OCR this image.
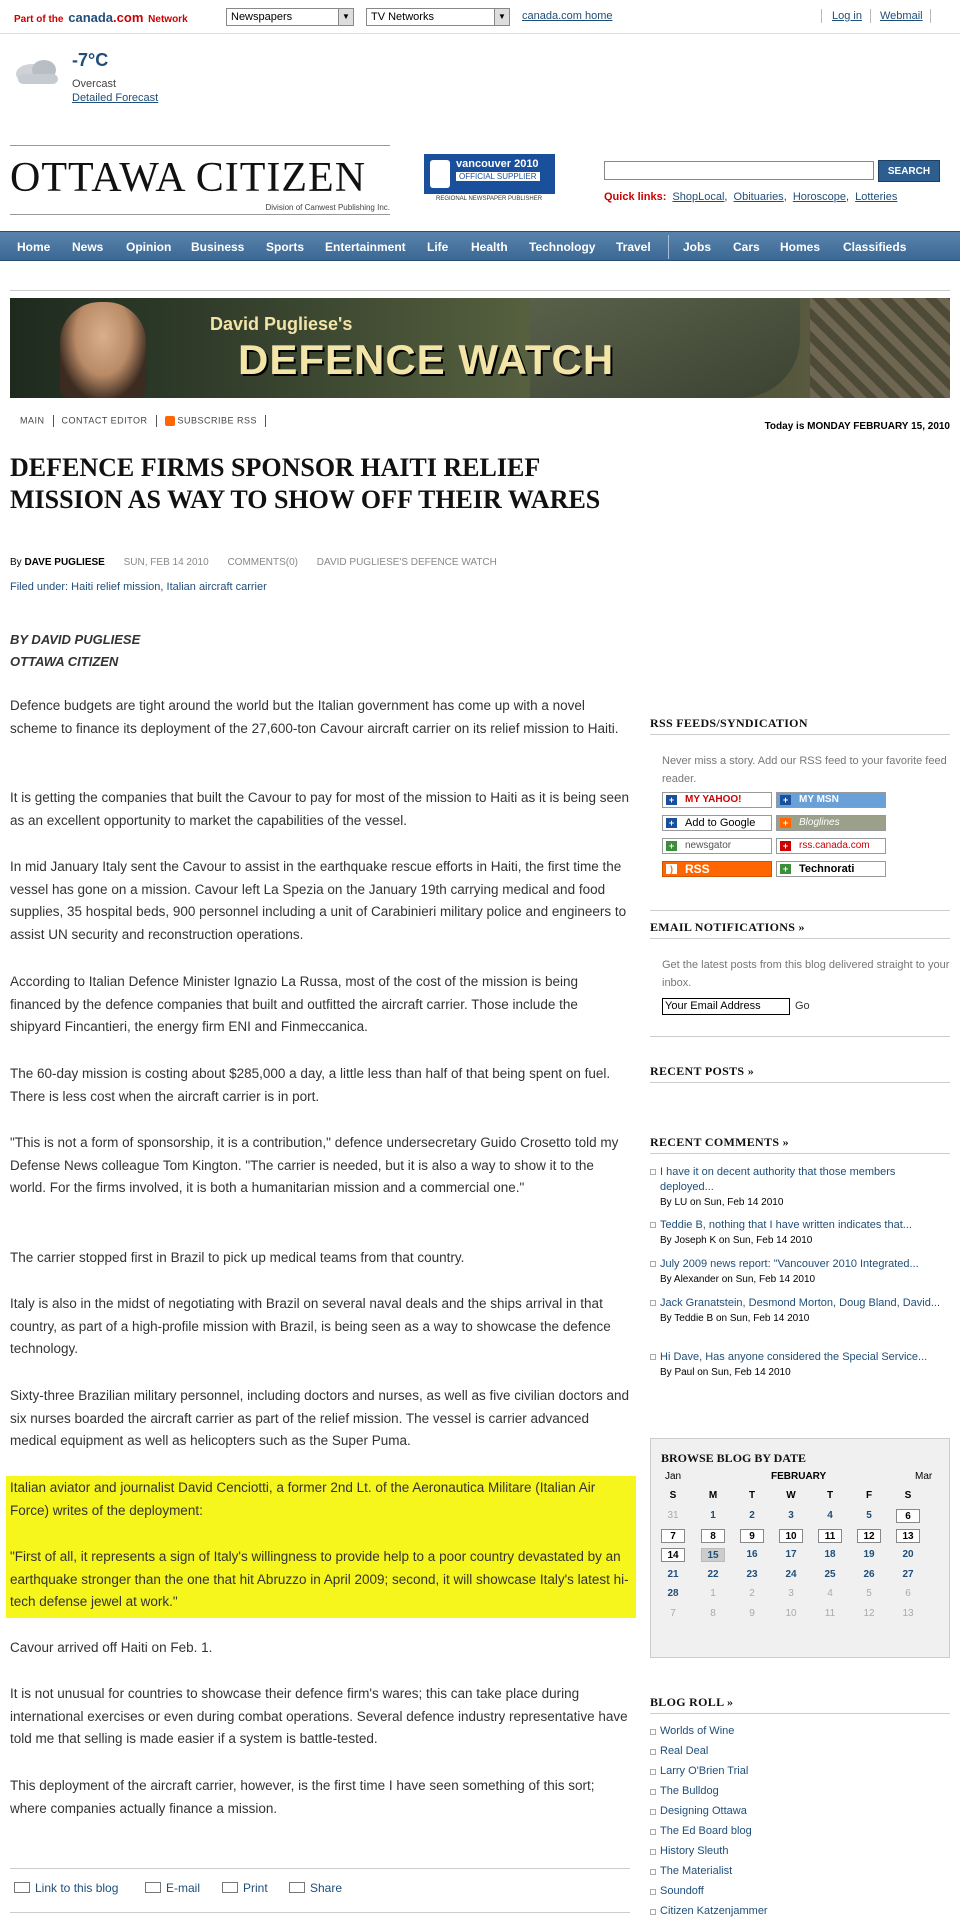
Part of the canada.com Network	Newspapers	▼	TV Networks	▼ canada.com home	Log in Webmail
-7°C
Overcast
Detailed Forecast
OTTAWA CITIZEN
Division of Canwest Publishing Inc.
vancouver 2010
OFFICIAL SUPPLIER
REGIONAL NEWSPAPER PUBLISHER
SEARCH
Quick links: ShopLocal, Obituaries, Horoscope, Lotteries
Home News Opinion Business Sports Entertainment Life Health Technology Travel	Jobs Cars Homes Classifieds
David Pugliese's
DEFENCE WATCH
MAIN CONTACT EDITOR	SUBSCRIBE RSS
Today is MONDAY FEBRUARY 15, 2010
DEFENCE FIRMS SPONSOR HAITI RELIEF MISSION AS WAY TO SHOW OFF THEIR WARES
By DAVE PUGLIESE SUN, FEB 14 2010 COMMENTS(0) DAVID PUGLIESE'S DEFENCE WATCH
Filed under: Haiti relief mission, Italian aircraft carrier
BY DAVID PUGLIESE
OTTAWA CITIZEN

Defence budgets are tight around the world but the Italian government has come up with a novel scheme to finance its deployment of the 27,600-ton Cavour aircraft carrier on its relief mission to Haiti.

It is getting the companies that built the Cavour to pay for most of the mission to Haiti as it is being seen as an excellent opportunity to market the capabilities of the vessel.

In mid January Italy sent the Cavour to assist in the earthquake rescue efforts in Haiti, the first time the vessel has gone on a mission. Cavour left La Spezia on the January 19th carrying medical and food supplies, 35 hospital beds, 900 personnel including a unit of Carabinieri military police and engineers to assist UN security and reconstruction operations.

According to Italian Defence Minister Ignazio La Russa, most of the cost of the mission is being financed by the defence companies that built and outfitted the aircraft carrier. Those include the shipyard Fincantieri, the energy firm ENI and Finmeccanica.

The 60-day mission is costing about $285,000 a day, a little less than half of that being spent on fuel. There is less cost when the aircraft carrier is in port.

"This is not a form of sponsorship, it is a contribution," defence undersecretary Guido Crosetto told my Defense News colleague Tom Kington. "The carrier is needed, but it is also a way to show it to the world. For the firms involved, it is both a humanitarian mission and a commercial one."

The carrier stopped first in Brazil to pick up medical teams from that country.

Italy is also in the midst of negotiating with Brazil on several naval deals and the ships arrival in that country, as part of a high-profile mission with Brazil, is being seen as a way to showcase the defence technology.

Sixty-three Brazilian military personnel, including doctors and nurses, as well as five civilian doctors and six nurses boarded the aircraft carrier as part of the relief mission. The vessel is carrier advanced medical equipment as well as helicopters such as the Super Puma.

Italian aviator and journalist David Cenciotti, a former 2nd Lt. of the Aeronautica Militare (Italian Air Force) writes of the deployment:

"First of all, it represents a sign of Italy's willingness to provide help to a poor country devastated by an earthquake stronger than the one that hit Abruzzo in April 2009; second, it will showcase Italy's latest hi-tech defense jewel at work."

Cavour arrived off Haiti on Feb. 1.

It is not unusual for countries to showcase their defence firm's wares; this can take place during international exercises or even during combat operations. Several defence industry representative have told me that selling is made easier if a system is battle-tested.

This deployment of the aircraft carrier, however, is the first time I have seen something of this sort; where companies actually finance a mission.

Link to this blog	E-mail	Print	Share
RSS FEEDS/SYNDICATION
Never miss a story. Add our RSS feed to your favorite feed reader.
+ MY YAHOO!	+ MY MSN
+ Add to Google	+ Bloglines
+ newsgator	+ rss.canada.com
)	RSS	+ Technorati
EMAIL NOTIFICATIONS »
Get the latest posts from this blog delivered straight to your inbox.
Your Email Address	Go
RECENT POSTS »
RECENT COMMENTS »
I have it on decent authority that those members deployed...
By LU on Sun, Feb 14 2010
Teddie B, nothing that I have written indicates that...
By Joseph K on Sun, Feb 14 2010
July 2009 news report: "Vancouver 2010 Integrated...
By Alexander on Sun, Feb 14 2010
Jack Granatstein, Desmond Morton, Doug Bland, David...
By Teddie B on Sun, Feb 14 2010
Hi Dave, Has anyone considered the Special Service...
By Paul on Sun, Feb 14 2010
BROWSE BLOG BY DATE
Jan	FEBRUARY	Mar
S	M	T	W	T	F	S
31	1	2	3	4	5	6
7	8	9	10	11	12	13
14	15	16	17	18	19	20
21	22	23	24	25	26	27
28	1	2	3	4	5	6
7	8	9	10	11	12	13
BLOG ROLL »
Worlds of Wine
Real Deal
Larry O'Brien Trial
The Bulldog
Designing Ottawa
The Ed Board blog
History Sleuth
The Materialist
Soundoff
Citizen Katzenjammer
